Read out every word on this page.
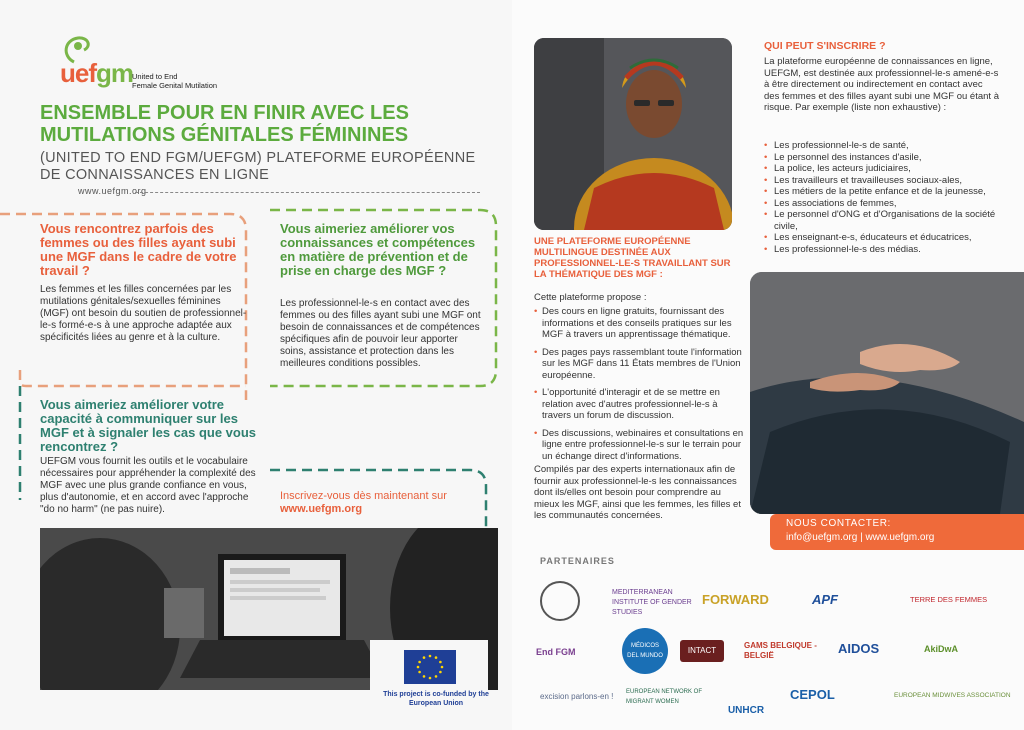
uefgm United to End
Female Genital Mutilation
ENSEMBLE POUR EN FINIR AVEC LES MUTILATIONS GÉNITALES FÉMININES
(UNITED TO END FGM/UEFGM) PLATEFORME EUROPÉENNE DE CONNAISSANCES EN LIGNE
www.uefgm.org
Vous rencontrez parfois des femmes ou des filles ayant subi une MGF dans le cadre de votre travail ?
Les femmes et les filles concernées par les mutilations génitales/sexuelles féminines (MGF) ont besoin du soutien de professionnel-le-s formé-e-s à une approche adaptée aux spécificités liées au genre et à la culture.
Vous aimeriez améliorer vos connaissances et compétences en matière de prévention et de prise en charge des MGF ?
Les professionnel-le-s en contact avec des femmes ou des filles ayant subi une MGF ont besoin de connaissances et de compétences spécifiques afin de pouvoir leur apporter soins, assistance et protection dans les meilleures conditions possibles.
Vous aimeriez améliorer votre capacité à communiquer sur les MGF et à signaler les cas que vous rencontrez ?
UEFGM vous fournit les outils et le vocabulaire nécessaires pour appréhender la complexité des MGF avec une plus grande confiance en vous, plus d'autonomie, et en accord avec l'approche "do no harm" (ne pas nuire).
Inscrivez-vous dès maintenant sur
www.uefgm.org
This project is co-funded by the European Union
QUI PEUT S'INSCRIRE ?
La plateforme européenne de connaissances en ligne, UEFGM, est destinée aux professionnel-le-s amené-e-s à être directement ou indirectement en contact avec des femmes et des filles ayant subi une MGF ou étant à risque. Par exemple (liste non exhaustive) :
• Les professionnel-le-s de santé,
• Le personnel des instances d'asile,
• La police, les acteurs judiciaires,
• Les travailleurs et travailleuses sociaux-ales,
• Les métiers de la petite enfance et de la jeunesse,
• Les associations de femmes,
• Le personnel d'ONG et d'Organisations de la société civile,
• Les enseignant-e-s, éducateurs et éducatrices,
• Les professionnel-le-s des médias.
UNE PLATEFORME EUROPÉENNE MULTILINGUE DESTINÉE AUX PROFESSIONNEL-LE-S TRAVAILLANT SUR LA THÉMATIQUE DES MGF :
Cette plateforme propose :
• Des cours en ligne gratuits, fournissant des informations et des conseils pratiques sur les MGF à travers un apprentissage thématique.
• Des pages pays rassemblant toute l'information sur les MGF dans 11 États membres de l'Union européenne.
• L'opportunité d'interagir et de se mettre en relation avec d'autres professionnel-le-s à travers un forum de discussion.
• Des discussions, webinaires et consultations en ligne entre professionnel-le-s sur le terrain pour un échange direct d'informations.
Compilés par des experts internationaux afin de fournir aux professionnel-le-s les connaissances dont ils/elles ont besoin pour comprendre au mieux les MGF, ainsi que les femmes, les filles et les communautés concernées.
NOUS CONTACTER:
info@uefgm.org | www.uefgm.org
PARTENAIRES
MEDITERRANEAN INSTITUTE OF GENDER STUDIES
FORWARD	APF	TERRE DES FEMMES
End FGM
MÉDICOS DEL MUNDO
INTACT
GAMS BELGIQUE - BELGIË	AIDOS	AkiDwA
excision parlons-en ! EUROPEAN NETWORK OF MIGRANT WOMEN
UNHCR
CEPOL	EUROPEAN MIDWIVES ASSOCIATION
